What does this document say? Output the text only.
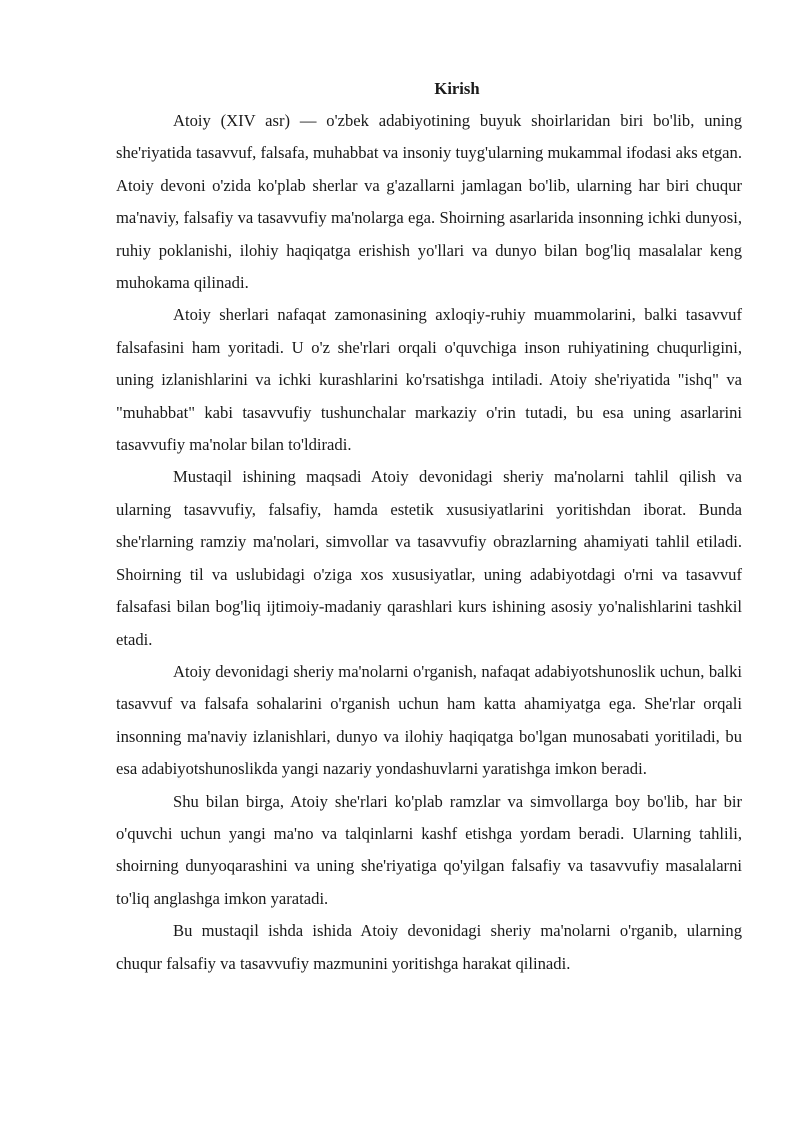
Kirish

Atoiy (XIV asr) — o'zbek adabiyotining buyuk shoirlaridan biri bo'lib, uning she'riyatida tasavvuf, falsafa, muhabbat va insoniy tuyg'ularning mukammal ifodasi aks etgan. Atoiy devoni o'zida ko'plab sherlar va g'azallarni jamlagan bo'lib, ularning har biri chuqur ma'naviy, falsafiy va tasavvufiy ma'nolarga ega. Shoirning asarlarida insonning ichki dunyosi, ruhiy poklanishi, ilohiy haqiqatga erishish yo'llari va dunyo bilan bog'liq masalalar keng muhokama qilinadi.

Atoiy sherlari nafaqat zamonasining axloqiy-ruhiy muammolarini, balki tasavvuf falsafasini ham yoritadi. U o'z she'rlari orqali o'quvchiga inson ruhiyatining chuqurligini, uning izlanishlarini va ichki kurashlarini ko'rsatishga intiladi. Atoiy she'riyatida "ishq" va "muhabbat" kabi tasavvufiy tushunchalar markaziy o'rin tutadi, bu esa uning asarlarini tasavvufiy ma'nolar bilan to'ldiradi.

Mustaqil ishining maqsadi Atoiy devonidagi sheriy ma'nolarni tahlil qilish va ularning tasavvufiy, falsafiy, hamda estetik xususiyatlarini yoritishdan iborat. Bunda she'rlarning ramziy ma'nolari, simvollar va tasavvufiy obrazlarning ahamiyati tahlil etiladi. Shoirning til va uslubidagi o'ziga xos xususiyatlar, uning adabiyotdagi o'rni va tasavvuf falsafasi bilan bog'liq ijtimoiy-madaniy qarashlari kurs ishining asosiy yo'nalishlarini tashkil etadi.

Atoiy devonidagi sheriy ma'nolarni o'rganish, nafaqat adabiyotshunoslik uchun, balki tasavvuf va falsafa sohalarini o'rganish uchun ham katta ahamiyatga ega. She'rlar orqali insonning ma'naviy izlanishlari, dunyo va ilohiy haqiqatga bo'lgan munosabati yoritiladi, bu esa adabiyotshunoslikda yangi nazariy yondashuvlarni yaratishga imkon beradi.

Shu bilan birga, Atoiy she'rlari ko'plab ramzlar va simvollarga boy bo'lib, har bir o'quvchi uchun yangi ma'no va talqinlarni kashf etishga yordam beradi. Ularning tahlili, shoirning dunyoqarashini va uning she'riyatiga qo'yilgan falsafiy va tasavvufiy masalalarni to'liq anglashga imkon yaratadi.

Bu mustaqil ishda ishida Atoiy devonidagi sheriy ma'nolarni o'rganib, ularning chuqur falsafiy va tasavvufiy mazmunini yoritishga harakat qilinadi.
